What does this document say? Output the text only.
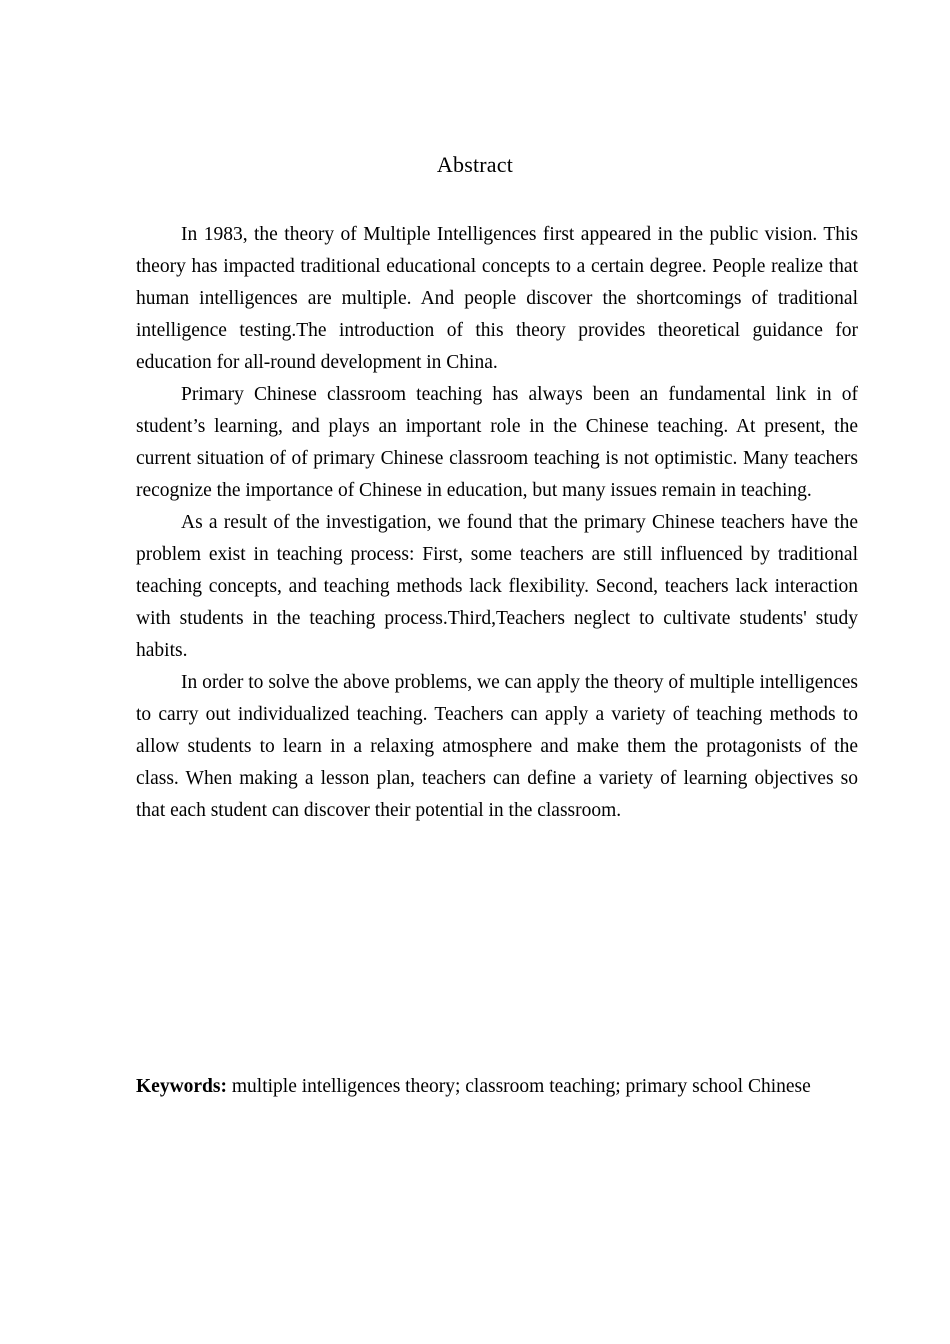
Abstract

In 1983, the theory of Multiple Intelligences first appeared in the public vision. This theory has impacted traditional educational concepts to a certain degree. People realize that human intelligences are multiple. And people discover the shortcomings of traditional intelligence testing.The introduction of this theory provides theoretical guidance for education for all-round development in China.

Primary Chinese classroom teaching has always been an fundamental link in of student’s learning, and plays an important role in the Chinese teaching. At present, the current situation of of primary Chinese classroom teaching is not optimistic. Many teachers recognize the importance of Chinese in education, but many issues remain in teaching.

As a result of the investigation, we found that the primary Chinese teachers have the problem exist in teaching process: First, some teachers are still influenced by traditional teaching concepts, and teaching methods lack flexibility. Second, teachers lack interaction with students in the teaching process.Third,Teachers neglect to cultivate students' study habits.

In order to solve the above problems, we can apply the theory of multiple intelligences to carry out individualized teaching. Teachers can apply a variety of teaching methods to allow students to learn in a relaxing atmosphere and make them the protagonists of the class. When making a lesson plan, teachers can define a variety of learning objectives so that each student can discover their potential in the classroom.

Keywords: multiple intelligences theory; classroom teaching; primary school Chinese
